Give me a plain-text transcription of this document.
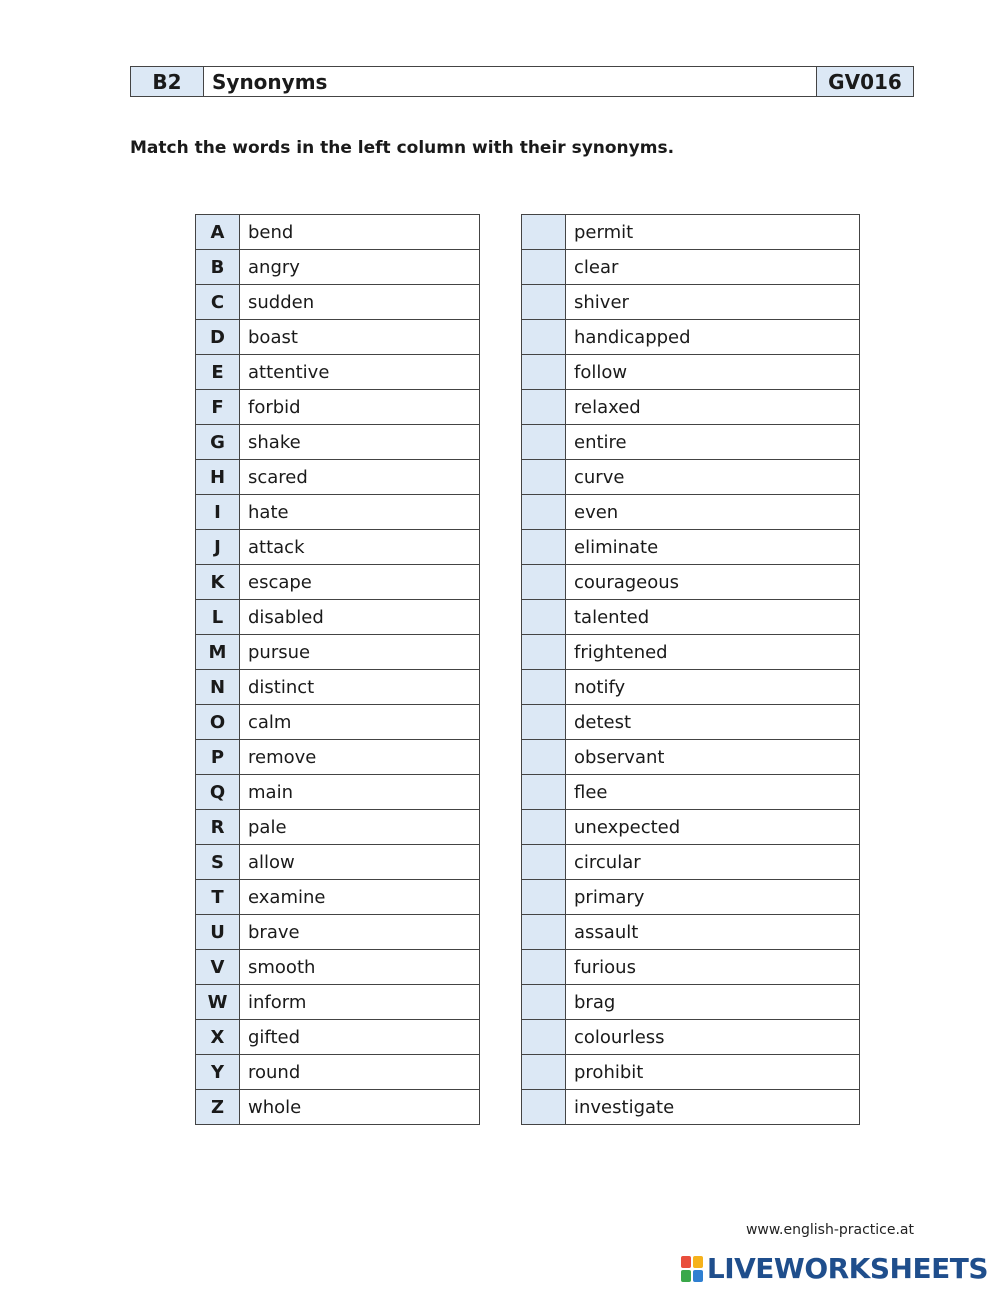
B2	Synonyms	GV016
Match the words in the left column with their synonyms.
A	bend
B	angry
C	sudden
D	boast
E	attentive
F	forbid
G	shake
H	scared
I	hate
J	attack
K	escape
L	disabled
M	pursue
N	distinct
O	calm
P	remove
Q	main
R	pale
S	allow
T	examine
U	brave
V	smooth
W	inform
X	gifted
Y	round
Z	whole
	permit
	clear
	shiver
	handicapped
	follow
	relaxed
	entire
	curve
	even
	eliminate
	courageous
	talented
	frightened
	notify
	detest
	observant
	flee
	unexpected
	circular
	primary
	assault
	furious
	brag
	colourless
	prohibit
	investigate
www.english-practice.at
LIVEWORKSHEETS
